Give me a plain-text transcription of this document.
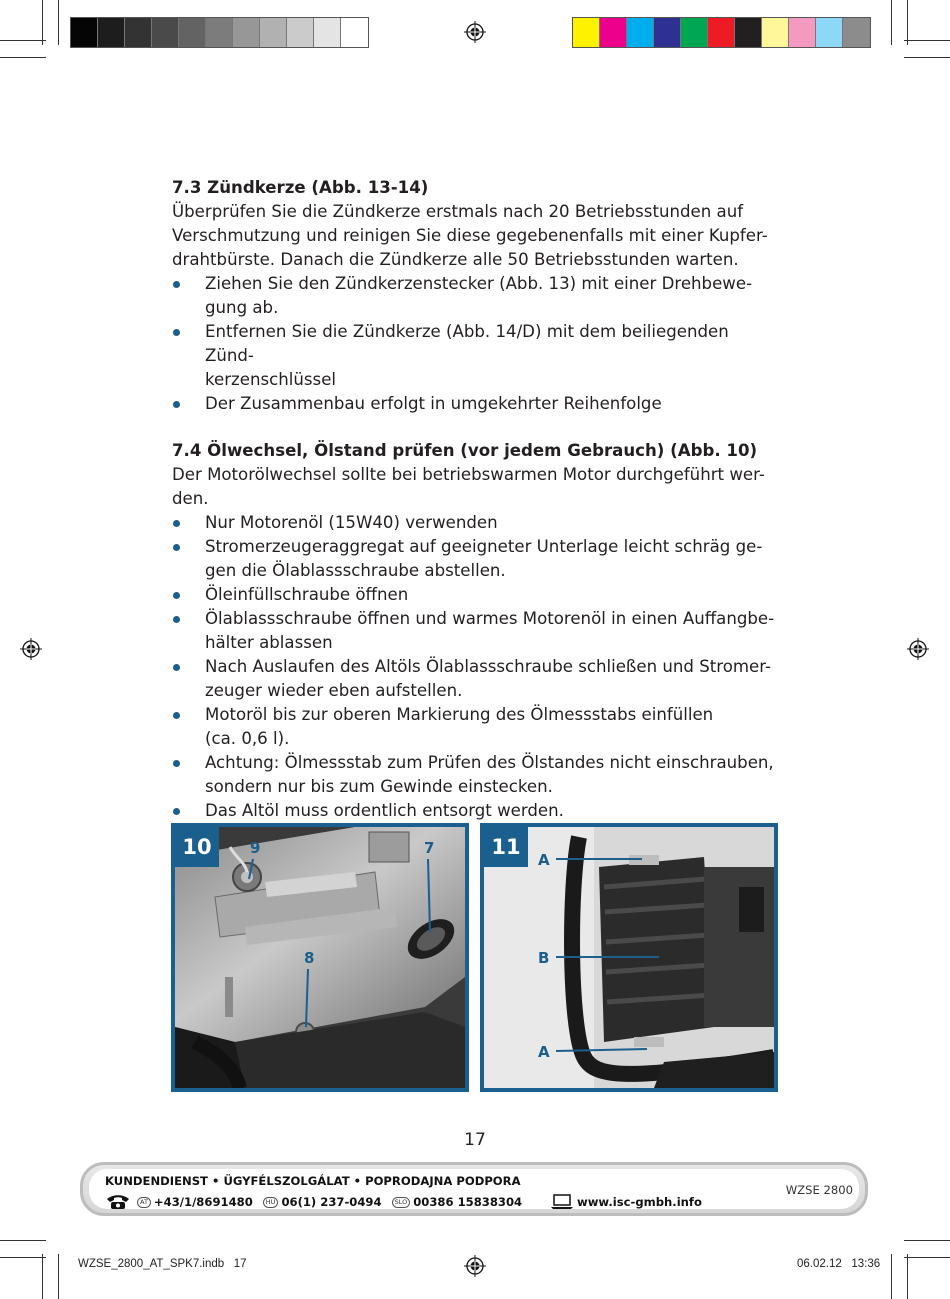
7.3 Zündkerze (Abb. 13-14)

Überprüfen Sie die Zündkerze erstmals nach 20 Betriebsstunden auf
Verschmutzung und reinigen Sie diese gegebenenfalls mit einer Kupfer-
drahtbürste. Danach die Zündkerze alle 50 Betriebsstunden warten.

Ziehen Sie den Zündkerzenstecker (Abb. 13) mit einer Drehbewe-
gung ab.
Entfernen Sie die Zündkerze (Abb. 14/D) mit dem beiliegenden Zünd-
kerzenschlüssel
Der Zusammenbau erfolgt in umgekehrter Reihenfolge
7.4 Ölwechsel, Ölstand prüfen (vor jedem Gebrauch) (Abb. 10)

Der Motorölwechsel sollte bei betriebswarmen Motor durchgeführt wer-
den.

Nur Motorenöl (15W40) verwenden
Stromerzeugeraggregat auf geeigneter Unterlage leicht schräg ge-
gen die Ölablassschraube abstellen.
Öleinfüllschraube öffnen
Ölablassschraube öffnen und warmes Motorenöl in einen Auffangbe-
hälter ablassen
Nach Auslaufen des Altöls Ölablassschraube schließen und Stromer-
zeuger wieder eben aufstellen.
Motoröl bis zur oberen Markierung des Ölmessstabs einfüllen
(ca. 0,6 l).
Achtung: Ölmessstab zum Prüfen des Ölstandes nicht einschrauben,
sondern nur bis zum Gewinde einstecken.
Das Altöl muss ordentlich entsorgt werden.
10	9	7
8
11
A
B
A
17
KUNDENDIENST • ÜGYFÉLSZOLGÁLAT • POPRODAJNA PODPORA
AT +43/1/8691480	HU 06(1) 237-0494	SLO 00386 15838304	www.isc-gmbh.info
WZSE 2800
WZSE_2800_AT_SPK7.indb   17	06.02.12   13:36
